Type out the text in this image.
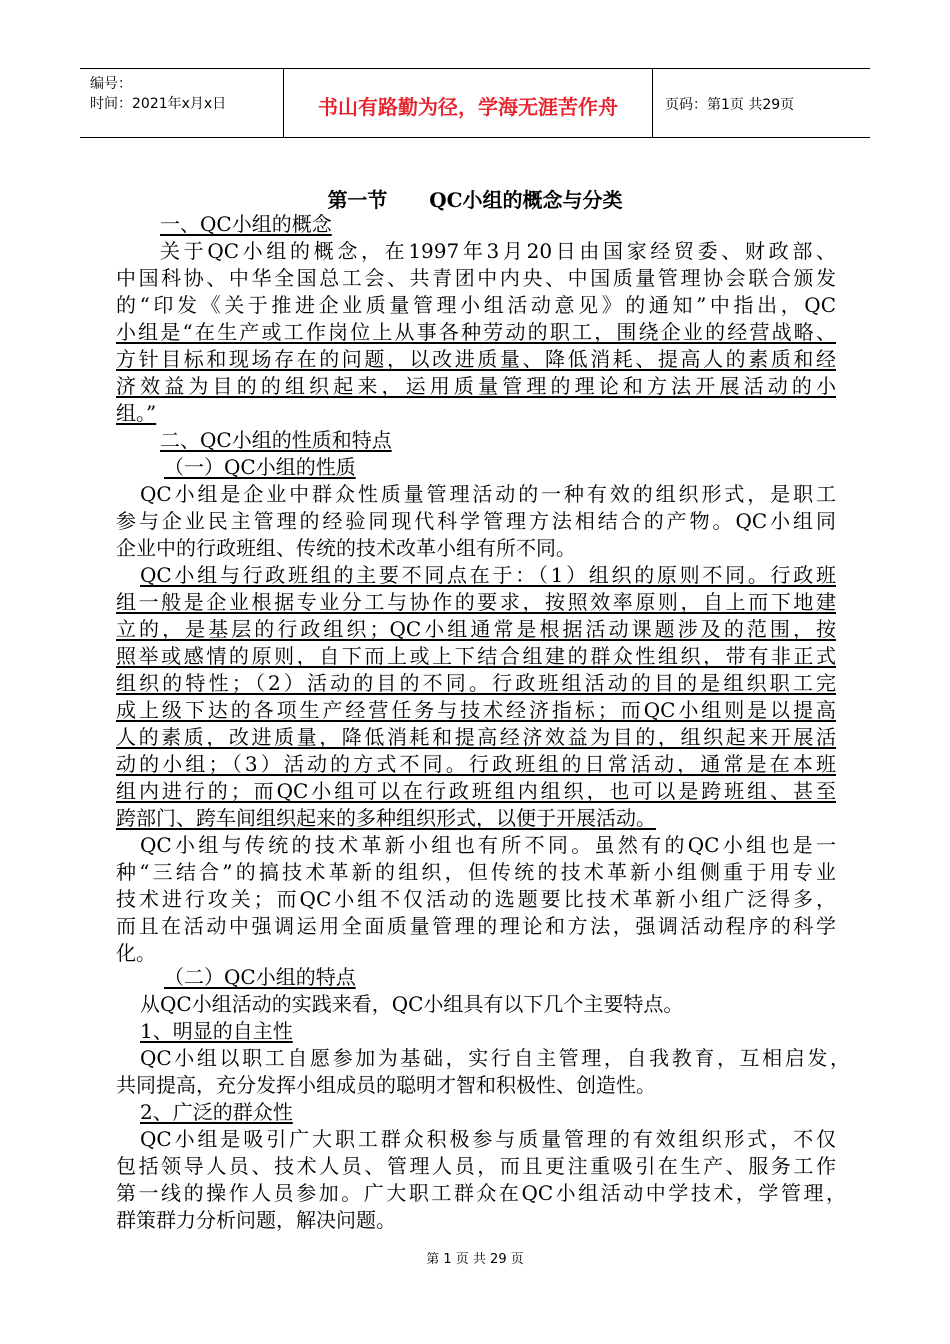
编号：
时间：2021年x月x日	书山有路勤为径，学海无涯苦作舟	页码：第1页 共29页
第一节      QC小组的概念与分类
一、QC小组的概念
关于QC小组的概念，在1997年3月20日由国家经贸委、财政部、
中国科协、中华全国总工会、共青团中内央、中国质量管理协会联合颁发
的“印发《关于推进企业质量管理小组活动意见》的通知”中指出，QC
小组是“在生产或工作岗位上从事各种劳动的职工，围绕企业的经营战略、
方针目标和现场存在的问题，以改进质量、降低消耗、提高人的素质和经
济效益为目的的组织起来，运用质量管理的理论和方法开展活动的小
组。”
二、QC小组的性质和特点
（一）QC小组的性质
QC小组是企业中群众性质量管理活动的一种有效的组织形式，是职工
参与企业民主管理的经验同现代科学管理方法相结合的产物。QC小组同
企业中的行政班组、传统的技术改革小组有所不同。
QC小组与行政班组的主要不同点在于：（1）组织的原则不同。行政班
组一般是企业根据专业分工与协作的要求，按照效率原则，自上而下地建
立的，是基层的行政组织；QC小组通常是根据活动课题涉及的范围，按
照举或感情的原则，自下而上或上下结合组建的群众性组织，带有非正式
组织的特性；（2）活动的目的不同。行政班组活动的目的是组织职工完
成上级下达的各项生产经营任务与技术经济指标；而QC小组则是以提高
人的素质，改进质量，降低消耗和提高经济效益为目的，组织起来开展活
动的小组；（3）活动的方式不同。行政班组的日常活动，通常是在本班
组内进行的；而QC小组可以在行政班组内组织，也可以是跨班组、甚至
跨部门、跨车间组织起来的多种组织形式，以便于开展活动。
QC小组与传统的技术革新小组也有所不同。虽然有的QC小组也是一
种“三结合”的搞技术革新的组织，但传统的技术革新小组侧重于用专业
技术进行攻关；而QC小组不仅活动的选题要比技术革新小组广泛得多，
而且在活动中强调运用全面质量管理的理论和方法，强调活动程序的科学
化。
（二）QC小组的特点
从QC小组活动的实践来看，QC小组具有以下几个主要特点。
1、明显的自主性
QC小组以职工自愿参加为基础，实行自主管理，自我教育，互相启发，
共同提高，充分发挥小组成员的聪明才智和积极性、创造性。
2、广泛的群众性
QC小组是吸引广大职工群众积极参与质量管理的有效组织形式，不仅
包括领导人员、技术人员、管理人员，而且更注重吸引在生产、服务工作
第一线的操作人员参加。广大职工群众在QC小组活动中学技术，学管理，
群策群力分析问题，解决问题。
第 1 页 共 29 页
